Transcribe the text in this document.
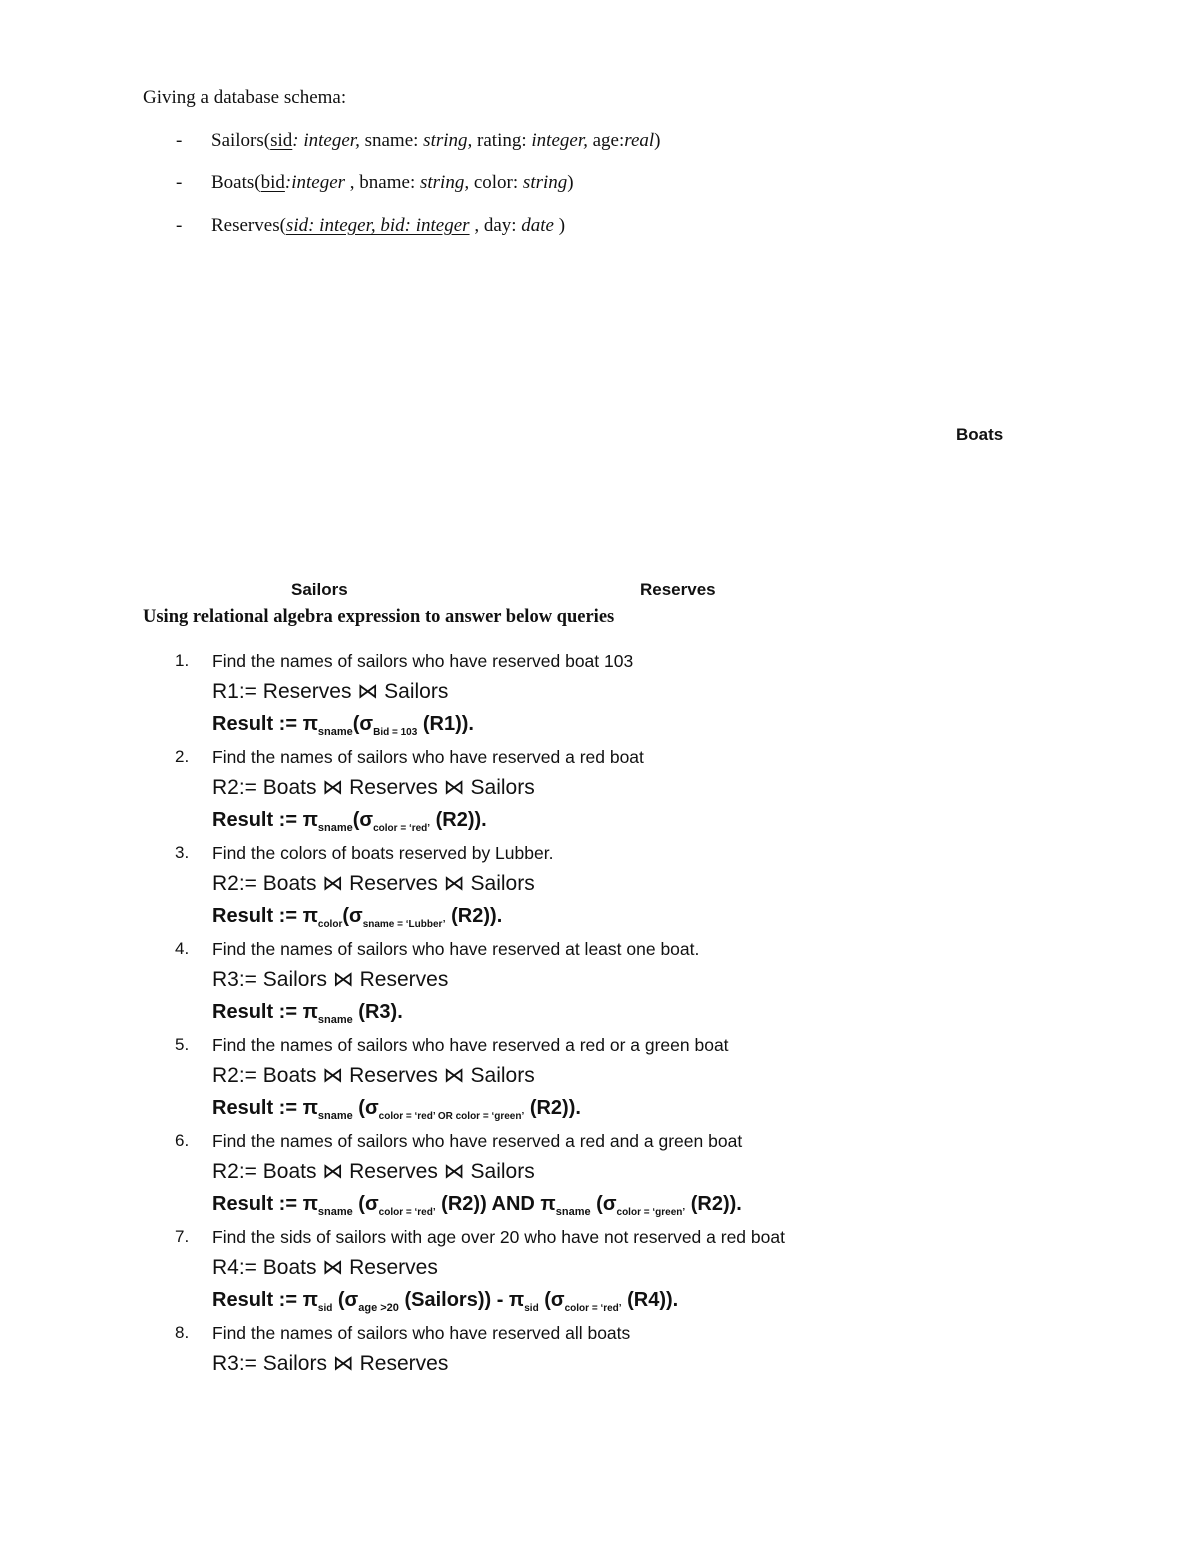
Giving a database schema:
- Sailors(sid: integer, sname: string, rating: integer, age:real)
- Boats(bid:integer , bname: string, color: string)
- Reserves(sid: integer, bid: integer , day: date )
Boats
Sailors	Reserves
Using relational algebra expression to answer below queries
1. Find the names of sailors who have reserved boat 103
R1:= Reserves ⋈ Sailors
Result := $\pi_{sname}(\sigma_{Bid = 103}$ (R1)).
2. Find the names of sailors who have reserved a red boat
R2:= Boats ⋈ Reserves ⋈ Sailors
Result := $\pi_{sname}(\sigma_{color = ‘red’}$ (R2)).
3. Find the colors of boats reserved by Lubber.
R2:= Boats ⋈ Reserves ⋈ Sailors
Result := $\pi_{color}(\sigma_{sname = ‘Lubber’}$ (R2)).
4. Find the names of sailors who have reserved at least one boat.
R3:= Sailors ⋈ Reserves
Result := $\pi_{sname}$ (R3).
5. Find the names of sailors who have reserved a red or a green boat
R2:= Boats ⋈ Reserves ⋈ Sailors
Result := $\pi_{sname}$ ($\sigma_{color = ‘red’ OR color = ‘green’}$ (R2)).
6. Find the names of sailors who have reserved a red and a green boat
R2:= Boats ⋈ Reserves ⋈ Sailors
Result := $\pi_{sname}$ ($\sigma_{color = ‘red’}$ (R2)) AND $\pi_{sname}$ ($\sigma_{color = ‘green’}$ (R2)).
7. Find the sids of sailors with age over 20 who have not reserved a red boat
R4:= Boats ⋈ Reserves
Result := $\pi_{sid}$ ($\sigma_{age >20}$ (Sailors)) - $\pi_{sid}$ ($\sigma_{color = ‘red’}$ (R4)).
8. Find the names of sailors who have reserved all boats
R3:= Sailors ⋈ Reserves
